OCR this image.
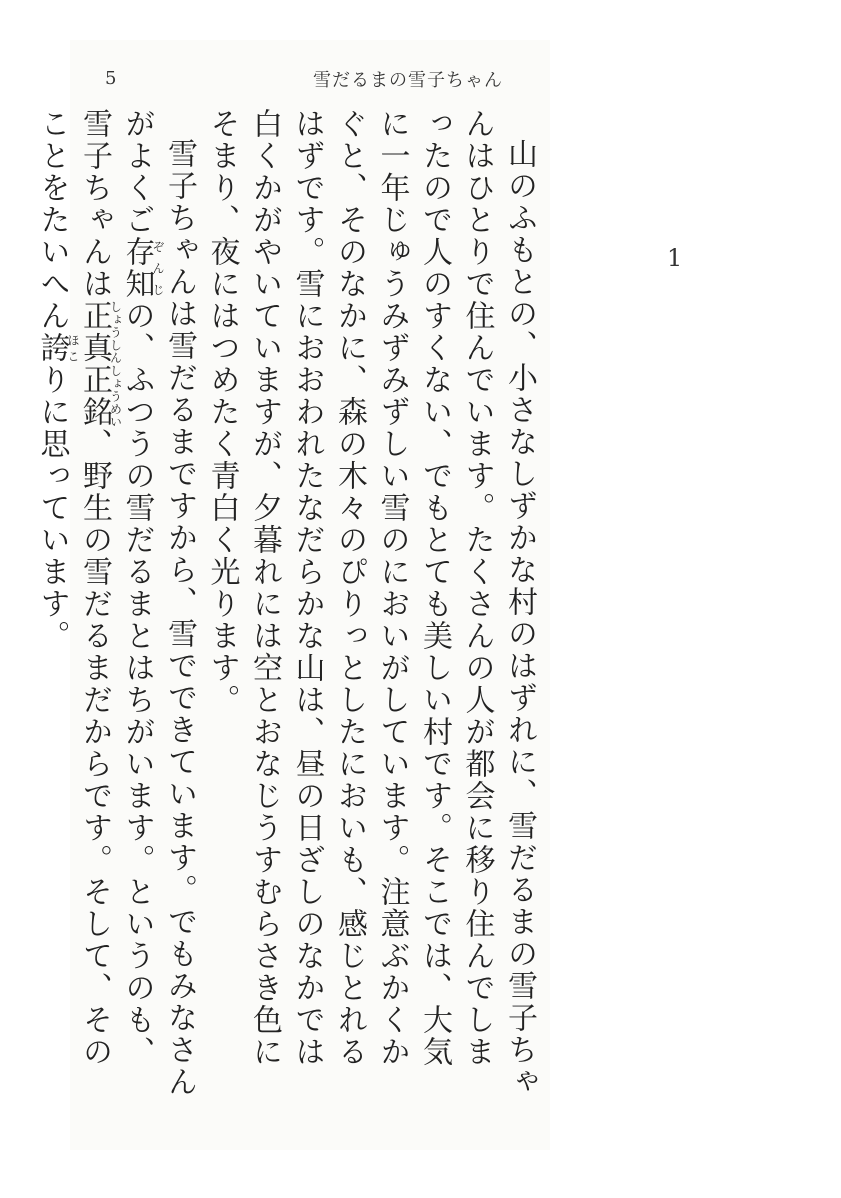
5	雪だるまの雪子ちゃん
1

山のふもとの、小さなしずかな村のはずれに、雪だるまの雪子ちゃんはひとりで住んでいます。たくさんの人が都会に移り住んでしまったので人のすくない、でもとても美しい村です。そこでは、大気に一年じゅうみずみずしい雪のにおいがしています。注意ぶかくかぐと、そのなかに、森の木々のぴりっとしたにおいも、感じとれるはずです。雪におおわれたなだらかな山は、昼の日ざしのなかでは白くかがやいていますが、夕暮れには空とおなじうすむらさき色にそまり、夜にはつめたく青白く光ります。

雪子ちゃんは雪だるまですから、雪でできています。でもみなさんがよくご存知ぞんじの、ふつうの雪だるまとはちがいます。というのも、雪子ちゃんは正真正銘しょうしんしょうめい、野生の雪だるまだからです。そして、そのことをたいへん誇ほこりに思っています。
